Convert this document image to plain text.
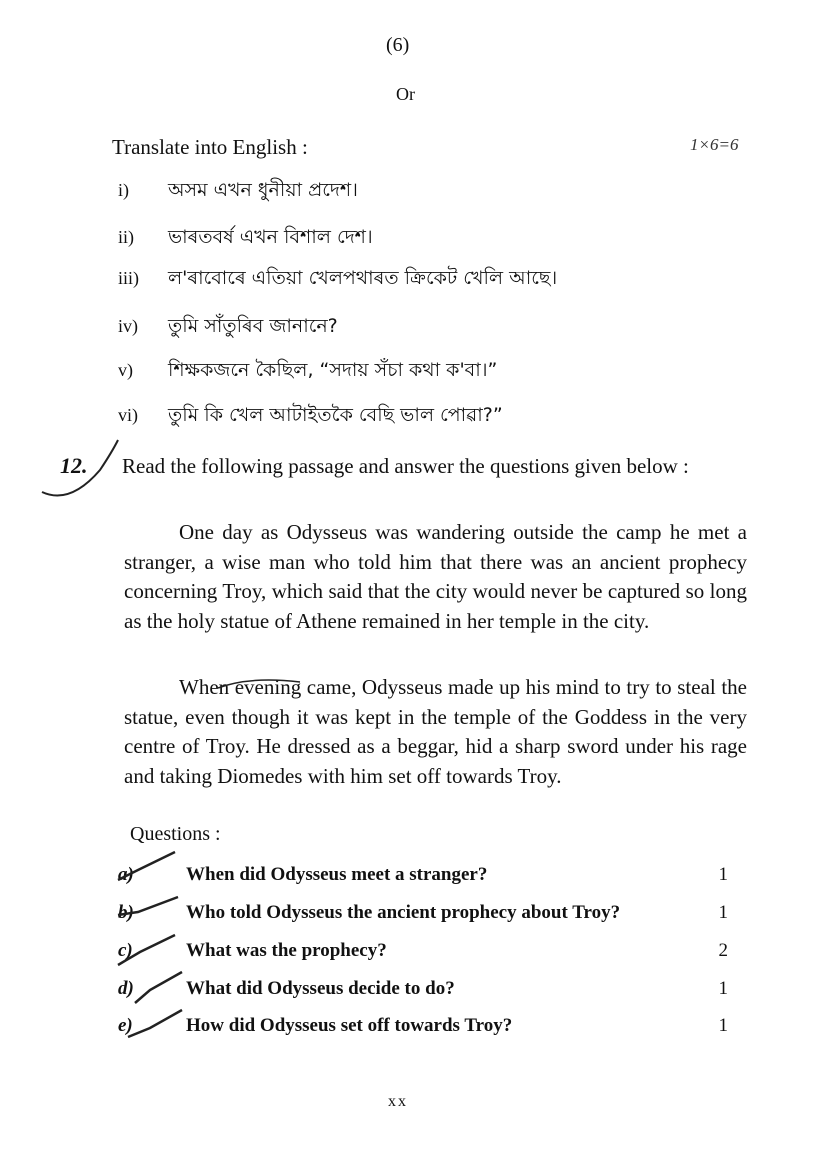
(6)
Or
Translate into English :	1×6=6
i) অসম এখন ধুনীয়া প্ৰদেশ।
ii) ভাৰতবৰ্ষ এখন বিশাল দেশ।
iii) ল'ৰাবোৰে এতিয়া খেলপথাৰত ক্ৰিকেট খেলি আছে।
iv) তুমি সাঁতুৰিব জানানে?
v) শিক্ষকজনে কৈছিল, “সদায় সঁচা কথা ক'বা।”
vi) তুমি কি খেল আটাইতকৈ বেছি ভাল পোৱা?”
12. Read the following passage and answer the questions given below :
One day as Odysseus was wandering outside the camp he met a stranger, a wise man who told him that there was an ancient prophecy concerning Troy, which said that the city would never be captured so long as the holy statue of Athene remained in her temple in the city.
When evening came, Odysseus made up his mind to try to steal the statue, even though it was kept in the temple of the Goddess in the very centre of Troy. He dressed as a beggar, hid a sharp sword under his rage and taking Diomedes with him set off towards Troy.
Questions :
a)	When did Odysseus meet a stranger?	1
b)	Who told Odysseus the ancient prophecy about Troy?	1
c)	What was the prophecy?	2
d)	What did Odysseus decide to do?	1
e)	How did Odysseus set off towards Troy?	1
xx
